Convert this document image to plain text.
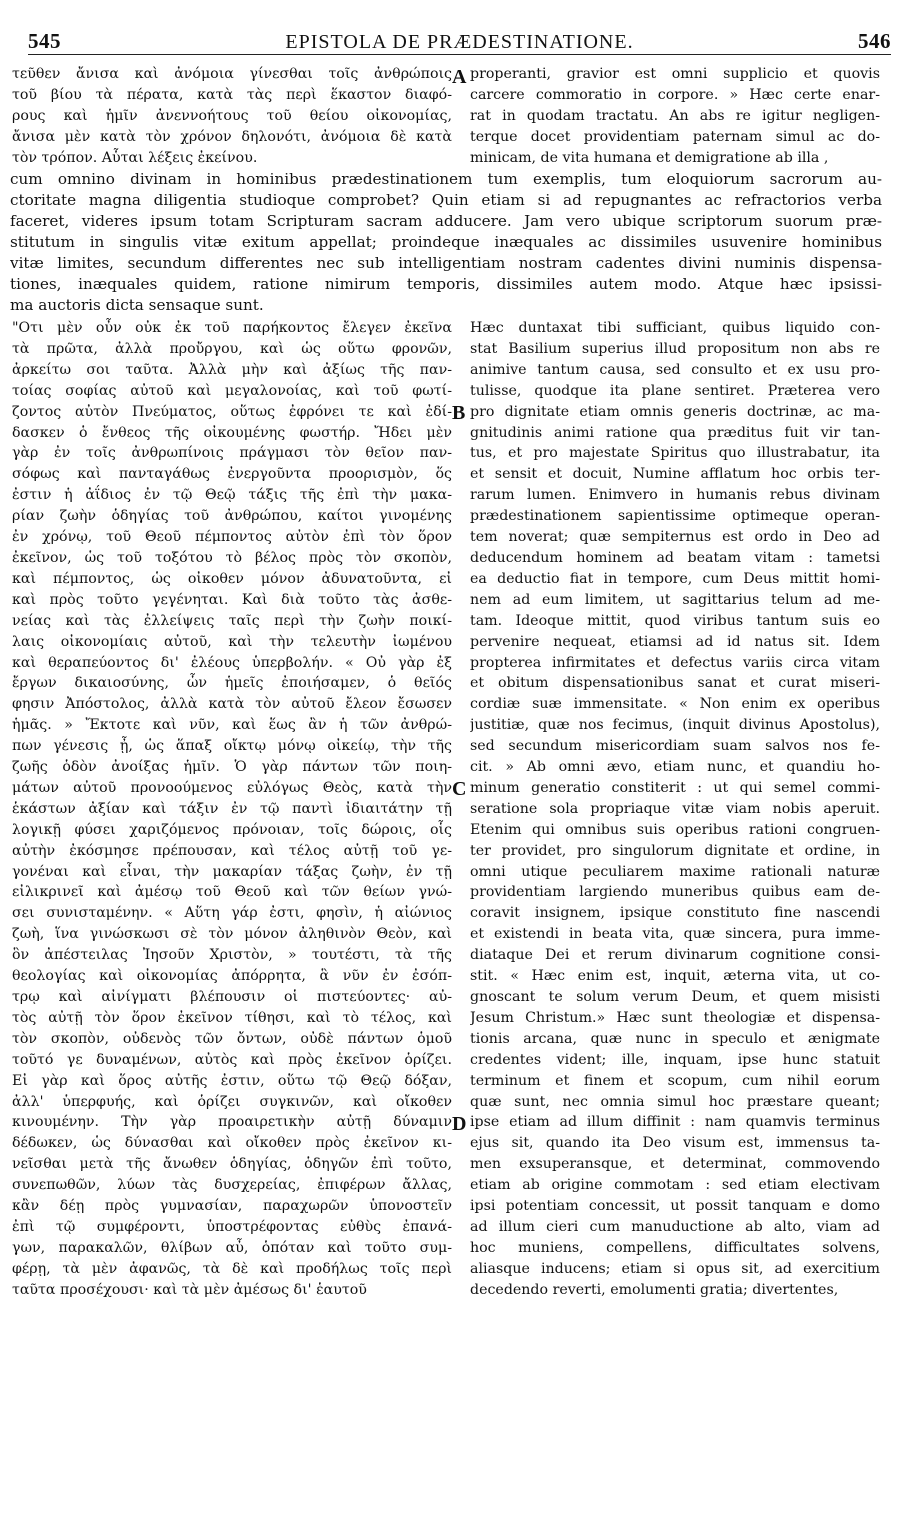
545	EPISTOLA DE PRÆDESTINATIONE.	546
τεῦθεν ἄνισα καὶ ἀνόμοια γίνεσθαι τοῖς ἀνθρώποις
τοῦ βίου τὰ πέρατα, κατὰ τὰς περὶ ἕκαστον διαφό-
ρους καὶ ἡμῖν ἀνεννοήτους τοῦ θείου οἰκονομίας,
ἄνισα μὲν κατὰ τὸν χρόνον δηλονότι, ἀνόμοια δὲ κατὰ
τὸν τρόπον. Αὗται λέξεις ἐκείνου.
properanti, gravior est omni supplicio et quovis
carcere commoratio in corpore. » Hæc certe enar-
rat in quodam tractatu. An abs re igitur negligen-
terque docet providentiam paternam simul ac do-
minicam, de vita humana et demigratione ab illa ,
cum omnino divinam in hominibus prædestinationem tum exemplis, tum eloquiorum sacrorum au-
ctoritate magna diligentia studioque comprobet? Quin etiam si ad repugnantes ac refractorios verba
faceret, videres ipsum totam Scripturam sacram adducere. Jam vero ubique scriptorum suorum præ-
stitutum in singulis vitæ exitum appellat; proindeque inæquales ac dissimiles usuvenire hominibus
vitæ limites, secundum differentes nec sub intelligentiam nostram cadentes divini numinis dispensa-
tiones, inæquales quidem, ratione nimirum temporis, dissimiles autem modo. Atque hæc ipsissi-
ma auctoris dicta sensaque sunt.
"Οτι μὲν οὖν οὐκ ἐκ τοῦ παρήκοντος ἔλεγεν ἐκεῖνα
τὰ πρῶτα, ἀλλὰ προὔργου, καὶ ὡς οὕτω φρονῶν,
ἀρκείτω σοι ταῦτα. Ἀλλὰ μὴν καὶ ἀξίως τῆς παν-
τοίας σοφίας αὐτοῦ καὶ μεγαλονοίας, καὶ τοῦ φωτί-
ζοντος αὐτὸν Πνεύματος, οὕτως ἐφρόνει τε καὶ ἐδί-
δασκεν ὁ ἔνθεος τῆς οἰκουμένης φωστήρ. Ἤδει μὲν
γὰρ ἐν τοῖς ἀνθρωπίνοις πράγμασι τὸν θεῖον παν-
σόφως καὶ πανταγάθως ἐνεργοῦντα προορισμὸν, ὅς
ἐστιν ἡ ἀΐδιος ἐν τῷ Θεῷ τάξις τῆς ἐπὶ τὴν μακα-
ρίαν ζωὴν ὁδηγίας τοῦ ἀνθρώπου, καίτοι γινομένης
ἐν χρόνῳ, τοῦ Θεοῦ πέμποντος αὐτὸν ἐπὶ τὸν ὅρον
ἐκεῖνον, ὡς τοῦ τοξότου τὸ βέλος πρὸς τὸν σκοπὸν,
καὶ πέμποντος, ὡς οἰκοθεν μόνον ἀδυνατοῦντα, εἰ
καὶ πρὸς τοῦτο γεγένηται. Καὶ διὰ τοῦτο τὰς ἀσθε-
νείας καὶ τὰς ἐλλείψεις ταῖς περὶ τὴν ζωὴν ποικί-
λαις οἰκονομίαις αὐτοῦ, καὶ τὴν τελευτὴν ἰωμένου
καὶ θεραπεύοντος δι' ἐλέους ὑπερβολήν. « Οὐ γὰρ ἐξ
ἔργων δικαιοσύνης, ὧν ἡμεῖς ἐποιήσαμεν, ὁ θεῖός
φησιν Ἀπόστολος, ἀλλὰ κατὰ τὸν αὐτοῦ ἔλεον ἔσωσεν
ἡμᾶς. » Ἔκτοτε καὶ νῦν, καὶ ἕως ἂν ἡ τῶν ἀνθρώ-
πων γένεσις ᾖ, ὡς ἅπαξ οἴκτῳ μόνῳ οἰκείῳ, τὴν τῆς
ζωῆς ὁδὸν ἀνοίξας ἡμῖν. Ὁ γὰρ πάντων τῶν ποιη-
μάτων αὐτοῦ προνοούμενος εὐλόγως Θεὸς, κατὰ τὴν
ἑκάστων ἀξίαν καὶ τάξιν ἐν τῷ παντὶ ἰδιαιτάτην τῇ
λογικῇ φύσει χαριζόμενος πρόνοιαν, τοῖς δώροις, οἷς
αὐτὴν ἐκόσμησε πρέπουσαν, καὶ τέλος αὐτῇ τοῦ γε-
γονέναι καὶ εἶναι, τὴν μακαρίαν τάξας ζωὴν, ἐν τῇ
εἰλικρινεῖ καὶ ἀμέσῳ τοῦ Θεοῦ καὶ τῶν θείων γνώ-
σει συνισταμένην. « Αὕτη γάρ ἐστι, φησὶν, ἡ αἰώνιος
ζωὴ, ἵνα γινώσκωσι σὲ τὸν μόνον ἀληθινὸν Θεὸν, καὶ
ὃν ἀπέστειλας Ἰησοῦν Χριστὸν, » τουτέστι, τὰ τῆς
θεολογίας καὶ οἰκονομίας ἀπόρρητα, ἃ νῦν ἐν ἐσόπ-
τρῳ καὶ αἰνίγματι βλέπουσιν οἱ πιστεύοντες· αὐ-
τὸς αὐτῇ τὸν ὅρον ἐκεῖνον τίθησι, καὶ τὸ τέλος, καὶ
τὸν σκοπὸν, οὐδενὸς τῶν ὄντων, οὐδὲ πάντων ὁμοῦ
τοῦτό γε δυναμένων, αὐτὸς καὶ πρὸς ἐκεῖνον ὁρίζει.
Εἰ γὰρ καὶ ὅρος αὐτῆς ἐστιν, οὕτω τῷ Θεῷ δόξαν,
ἀλλ' ὑπερφυής, καὶ ὁρίζει συγκινῶν, καὶ οἴκοθεν
κινουμένην. Τὴν γὰρ προαιρετικὴν αὐτῇ δύναμιν
δέδωκεν, ὡς δύνασθαι καὶ οἴκοθεν πρὸς ἐκεῖνον κι-
νεῖσθαι μετὰ τῆς ἄνωθεν ὁδηγίας, ὁδηγῶν ἐπὶ τοῦτο,
συνεπωθῶν, λύων τὰς δυσχερείας, ἐπιφέρων ἄλλας,
κἂν δέῃ πρὸς γυμνασίαν, παραχωρῶν ὑπονοστεῖν
ἐπὶ τῷ συμφέροντι, ὑποστρέφοντας εὐθὺς ἐπανά-
γων, παρακαλῶν, θλίβων αὖ, ὁπόταν καὶ τοῦτο συμ-
φέρῃ, τὰ μὲν ἀφανῶς, τὰ δὲ καὶ προδήλως τοῖς περὶ
ταῦτα προσέχουσι· καὶ τὰ μὲν ἀμέσως δι' ἑαυτοῦ
Hæc duntaxat tibi sufficiant, quibus liquido con-
stat Basilium superius illud propositum non abs re
animive tantum causa, sed consulto et ex usu pro-
tulisse, quodque ita plane sentiret. Præterea vero
pro dignitate etiam omnis generis doctrinæ, ac ma-
gnitudinis animi ratione qua præditus fuit vir tan-
tus, et pro majestate Spiritus quo illustrabatur, ita
et sensit et docuit, Numine afflatum hoc orbis ter-
rarum lumen. Enimvero in humanis rebus divinam
prædestinationem sapientissime optimeque operan-
tem noverat; quæ sempiternus est ordo in Deo ad
deducendum hominem ad beatam vitam : tametsi
ea deductio fiat in tempore, cum Deus mittit homi-
nem ad eum limitem, ut sagittarius telum ad me-
tam. Ideoque mittit, quod viribus tantum suis eo
pervenire nequeat, etiamsi ad id natus sit. Idem
propterea infirmitates et defectus variis circa vitam
et obitum dispensationibus sanat et curat miseri-
cordiæ suæ immensitate. « Non enim ex operibus
justitiæ, quæ nos fecimus, (inquit divinus Apostolus),
sed secundum misericordiam suam salvos nos fe-
cit. » Ab omni ævo, etiam nunc, et quandiu ho-
minum generatio constiterit : ut qui semel commi-
seratione sola propriaque vitæ viam nobis aperuit.
Etenim qui omnibus suis operibus rationi congruen-
ter providet, pro singulorum dignitate et ordine, in
omni utique peculiarem maxime rationali naturæ
providentiam largiendo muneribus quibus eam de-
coravit insignem, ipsique constituto fine nascendi
et existendi in beata vita, quæ sincera, pura imme-
diataque Dei et rerum divinarum cognitione consi-
stit. « Hæc enim est, inquit, æterna vita, ut co-
gnoscant te solum verum Deum, et quem misisti
Jesum Christum.» Hæc sunt theologiæ et dispensa-
tionis arcana, quæ nunc in speculo et ænigmate
credentes vident; ille, inquam, ipse hunc statuit
terminum et finem et scopum, cum nihil eorum
quæ sunt, nec omnia simul hoc præstare queant;
ipse etiam ad illum diffinit : nam quamvis terminus
ejus sit, quando ita Deo visum est, immensus ta-
men exsuperansque, et determinat, commovendo
etiam ab origine commotam : sed etiam electivam
ipsi potentiam concessit, ut possit tanquam e domo
ad illum cieri cum manuductione ab alto, viam ad
hoc muniens, compellens, difficultates solvens,
aliasque inducens; etiam si opus sit, ad exercitium
decedendo reverti, emolumenti gratia; divertentes,
A
B
C
D
